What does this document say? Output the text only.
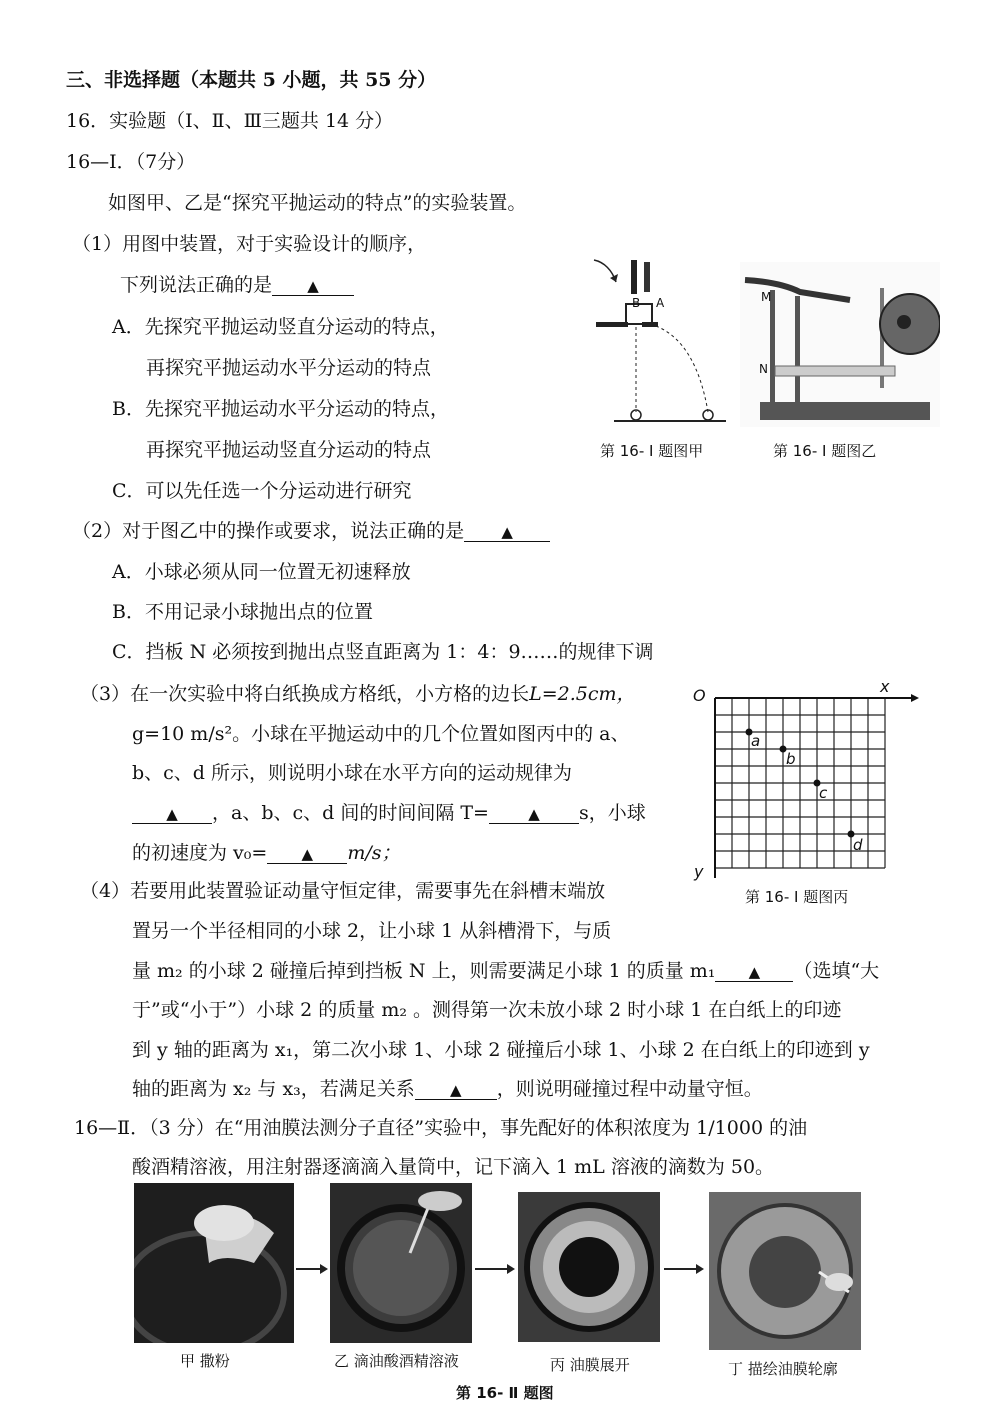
三、非选择题（本题共 5 小题，共 55 分）
16．实验题（Ⅰ、Ⅱ、Ⅲ三题共 14 分）
16—Ⅰ．（7分）
如图甲、乙是“探究平抛运动的特点”的实验装置。
（1）用图中装置，对于实验设计的顺序，
下列说法正确的是 ▲
A．先探究平抛运动竖直分运动的特点，
再探究平抛运动水平分运动的特点
B．先探究平抛运动水平分运动的特点，
再探究平抛运动竖直分运动的特点
C．可以先任选一个分运动进行研究
（2）对于图乙中的操作或要求，说法正确的是 ▲
A．小球必须从同一位置无初速释放
B．不用记录小球抛出点的位置
C．挡板 N 必须按到抛出点竖直距离为 1：4：9……的规律下调
（3）在一次实验中将白纸换成方格纸，小方格的边长L=2.5cm，
g=10 m/s²。小球在平抛运动中的几个位置如图丙中的 a、
b、c、d 所示，则说明小球在水平方向的运动规律为
▲ ，a、b、c、d 间的时间间隔 T=	▲ s，小球
的初速度为 v₀= ▲ m/s；
（4）若要用此装置验证动量守恒定律，需要事先在斜槽末端放
置另一个半径相同的小球 2，让小球 1 从斜槽滑下，与质
量 m₂ 的小球 2 碰撞后掉到挡板 N 上，则需要满足小球 1 的质量 m₁ ▲ （选填“大
于”或“小于”）小球 2 的质量 m₂ 。测得第一次未放小球 2 时小球 1 在白纸上的印迹
到 y 轴的距离为 x₁，第二次小球 1、小球 2 碰撞后小球 1、小球 2 在白纸上的印迹到 y
轴的距离为 x₂ 与 x₃，若满足关系 ▲ ，则说明碰撞过程中动量守恒。
16—Ⅱ．（3 分）在“用油膜法测分子直径”实验中，事先配好的体积浓度为 1/1000 的油
酸酒精溶液，用注射器逐滴滴入量筒中，记下滴入 1 mL 溶液的滴数为 50。
B A
第 16- Ⅰ 题图甲
M
N
第 16- Ⅰ 题图乙
O	x
y
a
b
c
d
第 16- Ⅰ 题图丙
甲 撒粉	乙 滴油酸酒精溶液	丙 油膜展开	丁 描绘油膜轮廓
第 16- Ⅱ 题图
